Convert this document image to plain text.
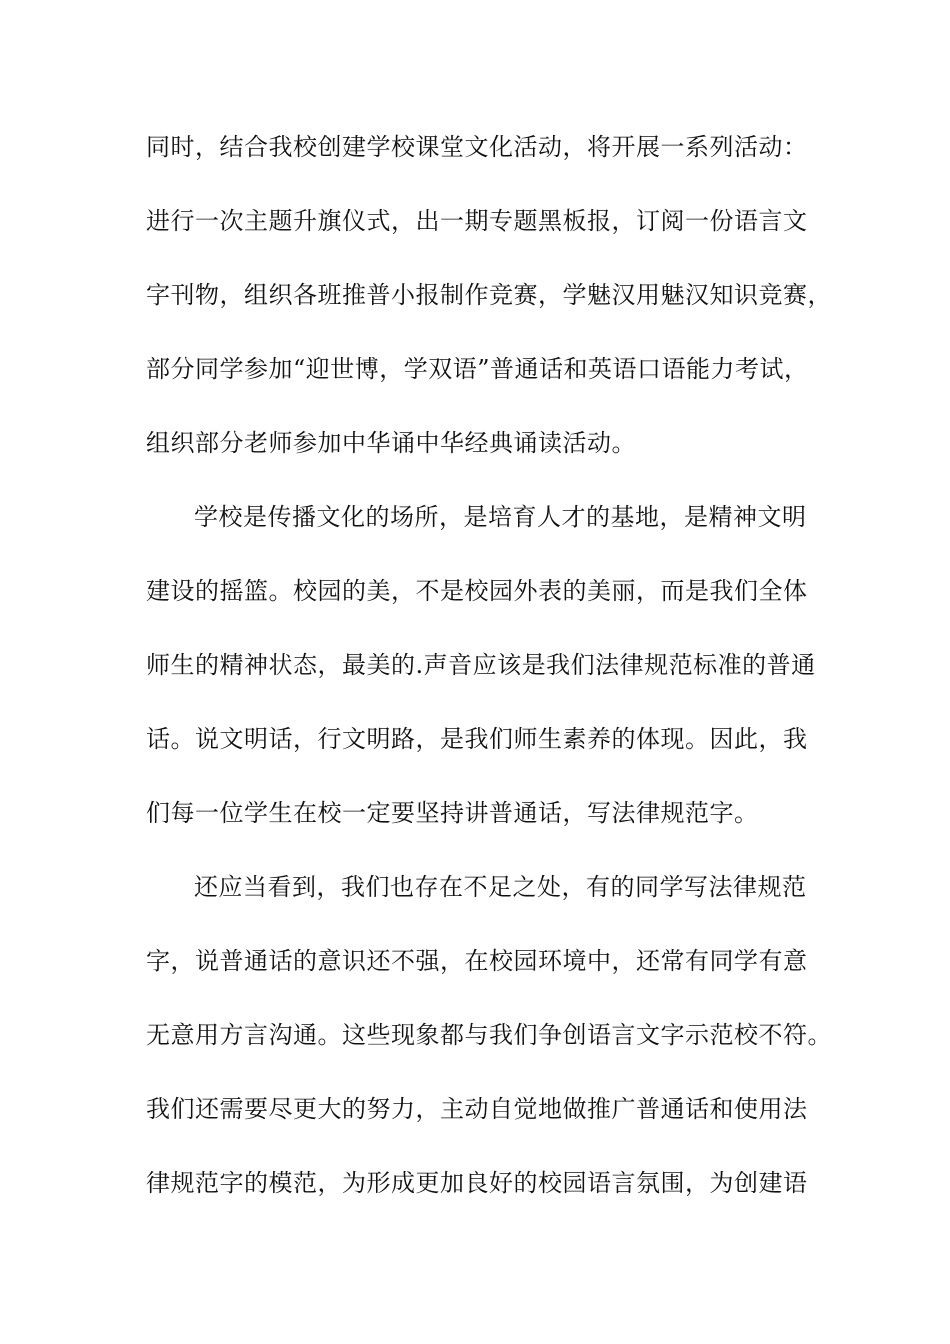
同时，结合我校创建学校课堂文化活动，将开展一系列活动：
进行一次主题升旗仪式，出一期专题黑板报，订阅一份语言文
字刊物，组织各班推普小报制作竞赛，学魅汉用魅汉知识竞赛，
部分同学参加“迎世博，学双语”普通话和英语口语能力考试，
组织部分老师参加中华诵中华经典诵读活动。
学校是传播文化的场所，是培育人才的基地，是精神文明
建设的摇篮。校园的美，不是校园外表的美丽，而是我们全体
师生的精神状态，最美的.声音应该是我们法律规范标准的普通
话。说文明话，行文明路，是我们师生素养的体现。因此，我
们每一位学生在校一定要坚持讲普通话，写法律规范字。
还应当看到，我们也存在不足之处，有的同学写法律规范
字，说普通话的意识还不强，在校园环境中，还常有同学有意
无意用方言沟通。这些现象都与我们争创语言文字示范校不符。
我们还需要尽更大的努力，主动自觉地做推广普通话和使用法
律规范字的模范，为形成更加良好的校园语言氛围，为创建语
